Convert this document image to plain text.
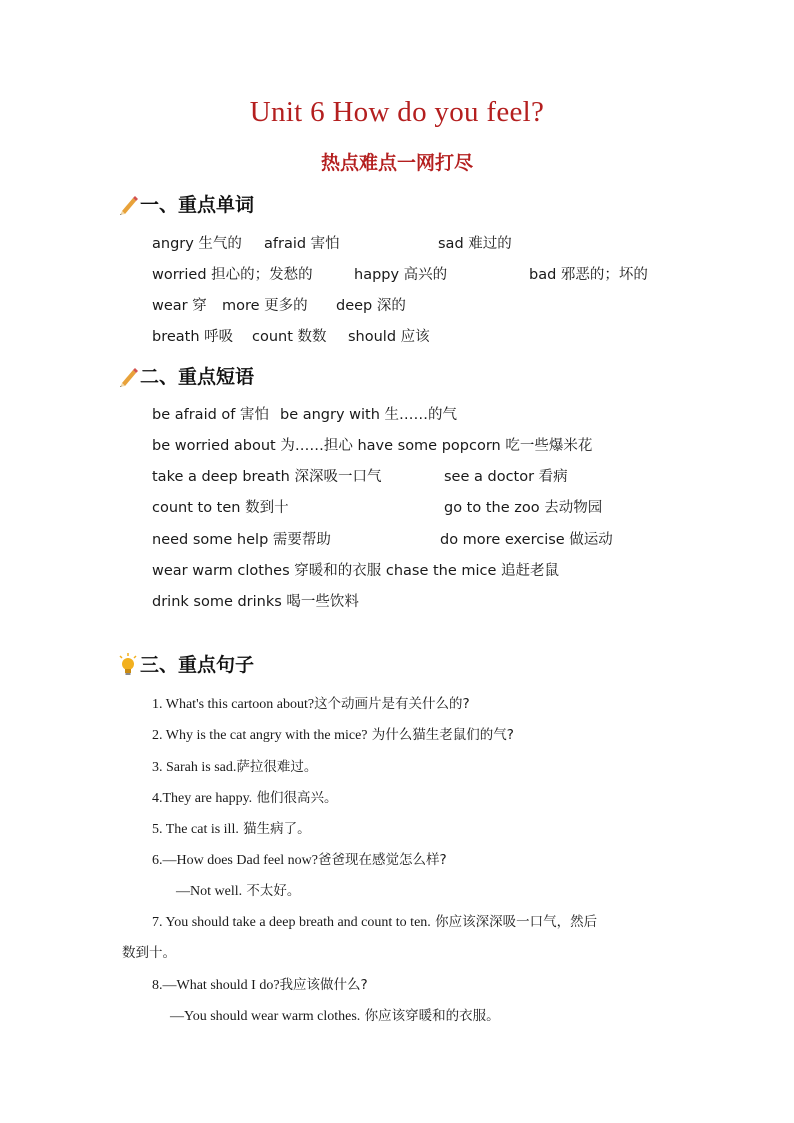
Unit 6 How do you feel?
热点难点一网打尽
一、重点单词
angry 生气的 afraid 害怕	sad 难过的
worried 担心的；发愁的	happy 高兴的	bad 邪恶的；坏的
wear 穿 more 更多的 deep 深的
breath 呼吸 count 数数 should 应该
二、重点短语
be afraid of 害怕 be angry with 生……的气
be worried about 为……担心 have some popcorn 吃一些爆米花
take a deep breath 深深吸一口气	see a doctor 看病
count to ten 数到十	go to the zoo 去动物园
need some help 需要帮助	do more exercise 做运动
wear warm clothes 穿暖和的衣服 chase the mice 追赶老鼠
drink some drinks 喝一些饮料
三、重点句子
1. What's this cartoon about?这个动画片是有关什么的?
2. Why is the cat angry with the mice? 为什么猫生老鼠们的气?
3. Sarah is sad.萨拉很难过。
4.They are happy. 他们很高兴。
5. The cat is ill. 猫生病了。
6.—How does Dad feel now?爸爸现在感觉怎么样?
—Not well. 不太好。
7. You should take a deep breath and count to ten. 你应该深深吸一口气，然后
数到十。
8.—What should I do?我应该做什么?
—You should wear warm clothes. 你应该穿暖和的衣服。
